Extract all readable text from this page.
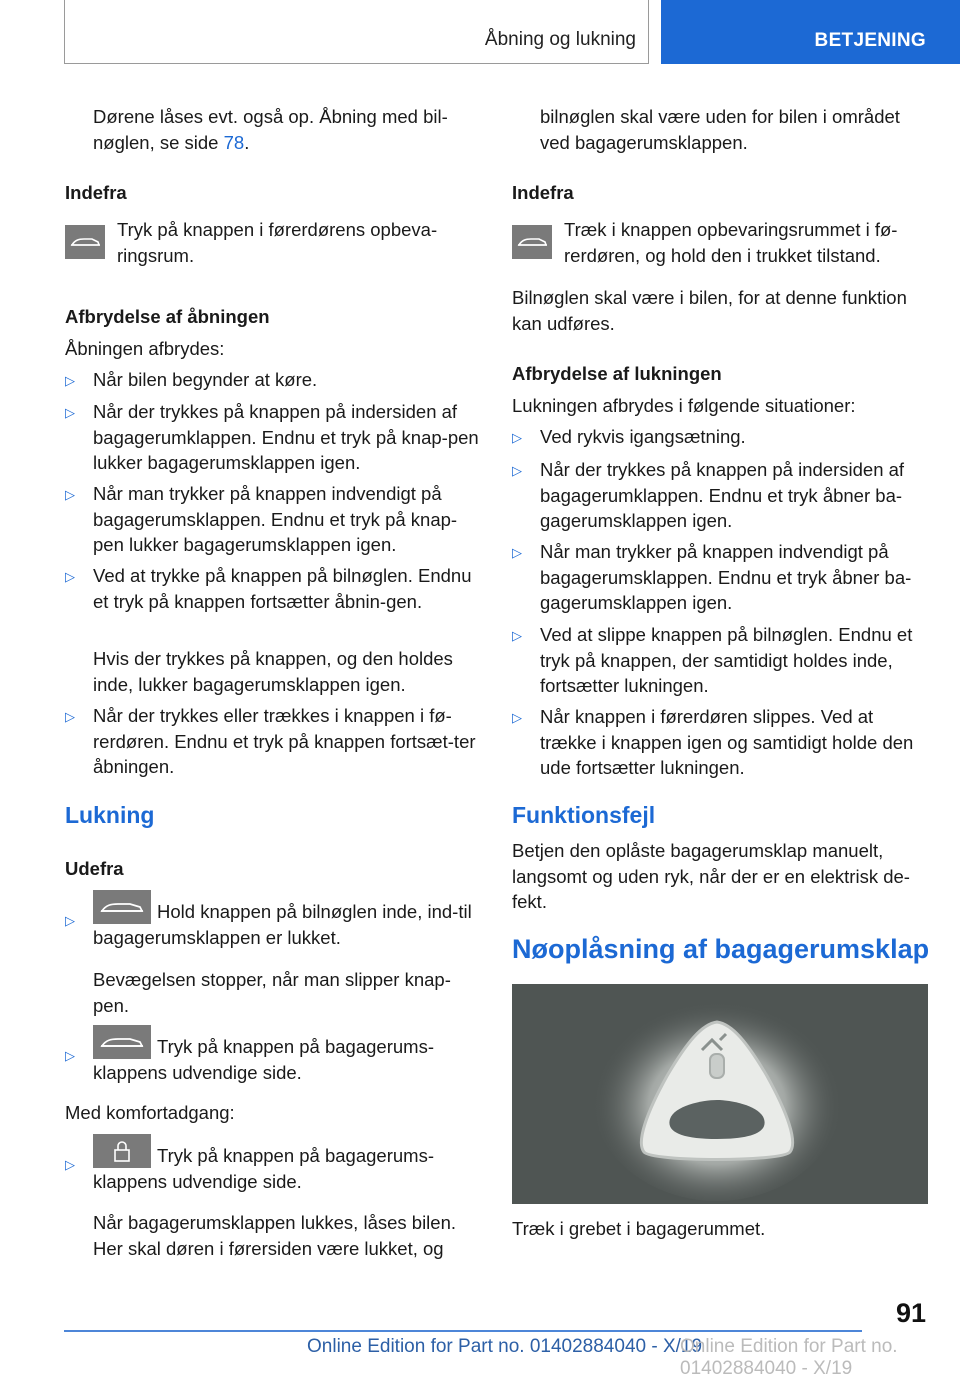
Åbning og lukning	BETJENING
Dørene låses evt. også op. Åbning med bil-
nøglen, se side 78.
Indefra
Tryk på knappen i førerdørens opbeva-
ringsrum.
Afbrydelse af åbningen
Åbningen afbrydes:
▷ Når bilen begynder at køre.
▷ Når der trykkes på knappen på indersiden af bagagerumklappen. Endnu et tryk på knap-pen lukker bagagerumsklappen igen.
▷ Når man trykker på knappen indvendigt på bagagerumsklappen. Endnu et tryk på knap-pen lukker bagagerumsklappen igen.
▷ Ved at trykke på knappen på bilnøglen. Endnu et tryk på knappen fortsætter åbnin-gen.
Hvis der trykkes på knappen, og den holdes inde, lukker bagagerumsklappen igen.
▷ Når der trykkes eller trækkes i knappen i fø-rerdøren. Endnu et tryk på knappen fortsæt-ter åbningen.
Lukning
Udefra
▷	Hold knappen på bilnøglen inde, ind-til bagagerumsklappen er lukket.
Bevægelsen stopper, når man slipper knap-pen.
▷	Tryk på knappen på bagagerums-klappens udvendige side.
Med komfortadgang:
▷	Tryk på knappen på bagagerums-klappens udvendige side.
Når bagagerumsklappen lukkes, låses bilen. Her skal døren i førersiden være lukket, og
bilnøglen skal være uden for bilen i området ved bagagerumsklappen.
Indefra
Træk i knappen opbevaringsrummet i fø-
rerdøren, og hold den i trukket tilstand.
Bilnøglen skal være i bilen, for at denne funktion kan udføres.
Afbrydelse af lukningen
Lukningen afbrydes i følgende situationer:
▷ Ved rykvis igangsætning.
▷ Når der trykkes på knappen på indersiden af bagagerumklappen. Endnu et tryk åbner ba-gagerumsklappen igen.
▷ Når man trykker på knappen indvendigt på bagagerumsklappen. Endnu et tryk åbner ba-gagerumsklappen igen.
▷ Ved at slippe knappen på bilnøglen. Endnu et tryk på knappen, der samtidigt holdes inde, fortsætter lukningen.
▷ Når knappen i førerdøren slippes. Ved at trække i knappen igen og samtidigt holde den ude fortsætter lukningen.
Funktionsfejl
Betjen den oplåste bagagerumsklap manuelt, langsomt og uden ryk, når der er en elektrisk de-fekt.
Nøoplåsning af bagagerumsklap
Træk i grebet i bagagerummet.
91
Online Edition for Part no. 01402884040 - X/19
Online Edition for Part no. 01402884040 - X/19
